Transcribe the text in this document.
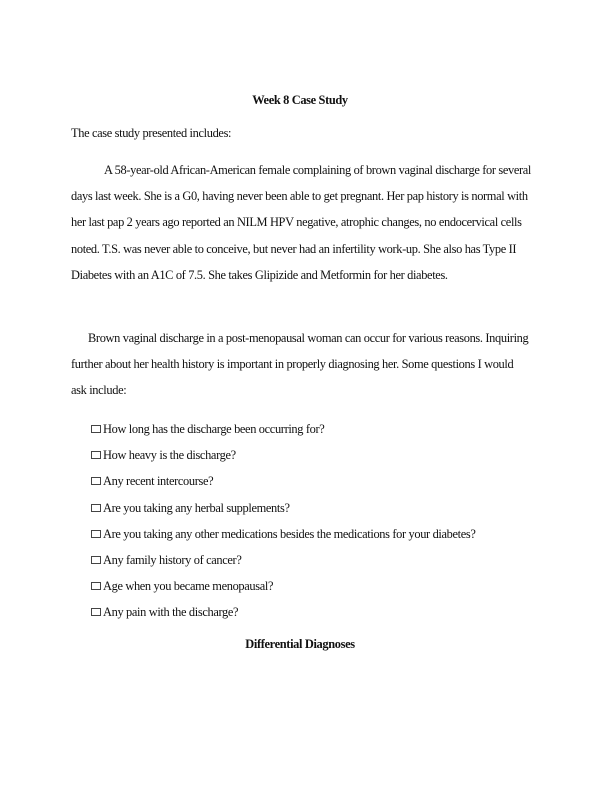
Week 8 Case Study
The case study presented includes:

A 58-year-old African-American female complaining of brown vaginal discharge for several days last week. She is a G0, having never been able to get pregnant. Her pap history is normal with her last pap 2 years ago reported an NILM HPV negative, atrophic changes, no endocervical cells noted. T.S. was never able to conceive, but never had an infertility work-up. She also has Type II Diabetes with an A1C of 7.5. She takes Glipizide and Metformin for her diabetes.

Brown vaginal discharge in a post-menopausal woman can occur for various reasons. Inquiring further about her health history is important in properly diagnosing her. Some questions I would ask include:

How long has the discharge been occurring for?
How heavy is the discharge?
Any recent intercourse?
Are you taking any herbal supplements?
Are you taking any other medications besides the medications for your diabetes?
Any family history of cancer?
Age when you became menopausal?
Any pain with the discharge?
Differential Diagnoses
